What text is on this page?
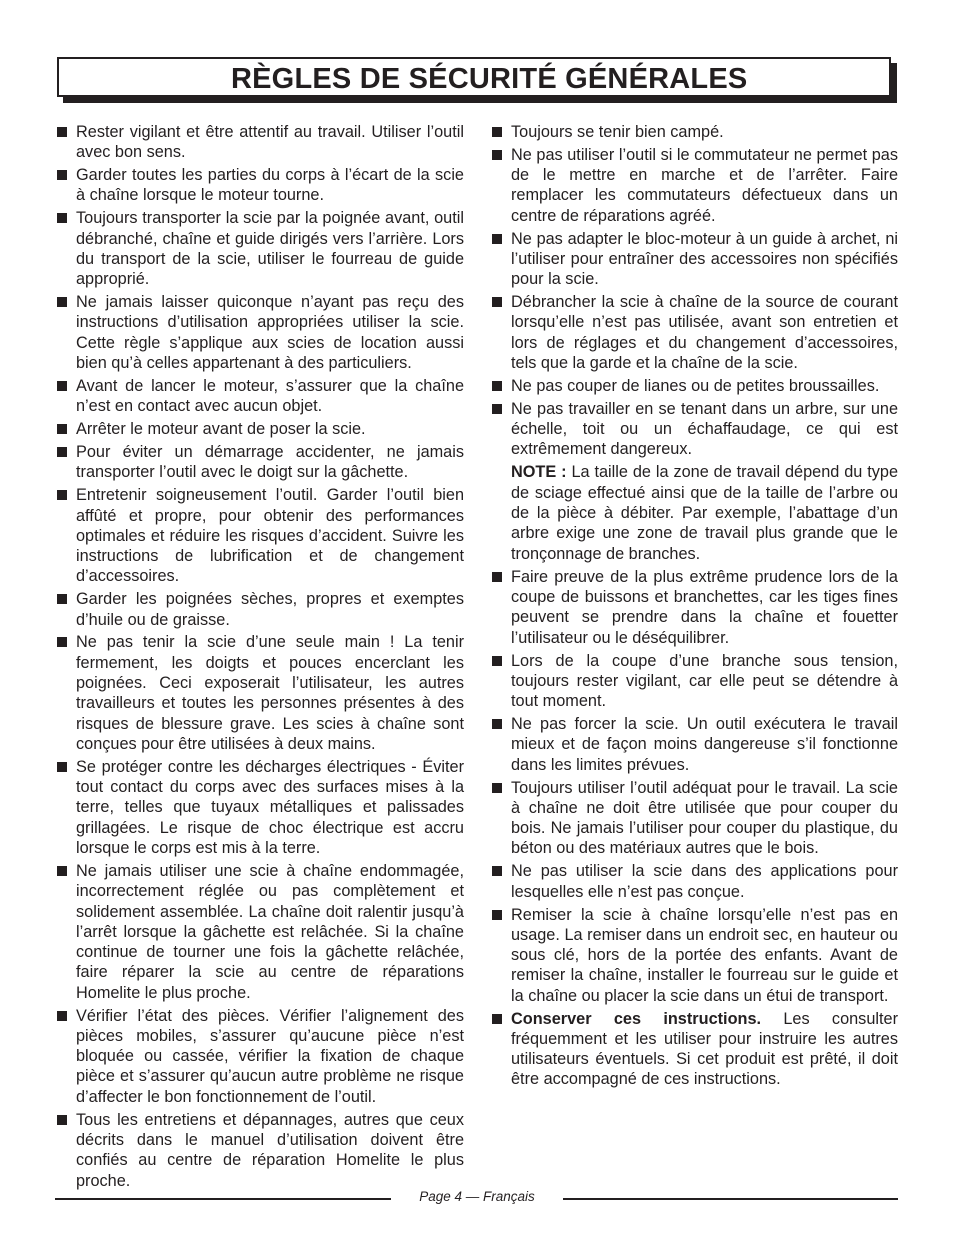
RÈGLES DE SÉCURITÉ GÉNÉRALES
Rester vigilant et être attentif au travail. Utiliser l’outil avec bon sens.
Garder toutes les parties du corps à l’écart de la scie à chaîne lorsque le moteur tourne.
Toujours transporter la scie par la poignée avant, outil débranché, chaîne et guide dirigés vers l’arrière. Lors du transport de la scie, utiliser le fourreau de guide approprié.
Ne jamais laisser quiconque n’ayant pas reçu des instructions d’utilisation appropriées utiliser la scie. Cette règle s’applique aux scies de location aussi bien qu’à celles appartenant à des particuliers.
Avant de lancer le moteur, s’assurer que la chaîne n’est en contact avec aucun objet.
Arrêter le moteur avant de poser la scie.
Pour éviter un démarrage accidenter, ne jamais transporter l’outil avec le doigt sur la gâchette.
Entretenir soigneusement l’outil. Garder l’outil bien affûté et propre, pour obtenir des performances optimales et réduire les risques d’accident. Suivre les instructions de lubrification et de changement d’accessoires.
Garder les poignées sèches, propres et exemptes d’huile ou de graisse.
Ne pas tenir la scie d’une seule main ! La tenir fermement, les doigts et pouces encerclant les poignées. Ceci exposerait l’utilisateur, les autres travailleurs et toutes les personnes présentes à des risques de blessure grave. Les scies à chaîne sont conçues pour être utilisées à deux mains.
Se protéger contre les décharges électriques - Éviter tout contact du corps avec des surfaces mises à la terre, telles que tuyaux métalliques et palissades grillagées. Le risque de choc électrique est accru lorsque le corps est mis à la terre.
Ne jamais utiliser une scie à chaîne endommagée, incorrectement réglée ou pas complètement et solidement assemblée. La chaîne doit ralentir jusqu’à l’arrêt lorsque la gâchette est relâchée. Si la chaîne continue de tourner une fois la gâchette relâchée, faire réparer la scie au centre de réparations Homelite le plus proche.
Vérifier l’état des pièces. Vérifier l’alignement des pièces mobiles, s’assurer qu’aucune pièce n’est bloquée ou cassée, vérifier la fixation de chaque pièce et s’assurer qu’aucun autre problème ne risque d’affecter le bon fonctionnement de l’outil.
Tous les entretiens et dépannages, autres que ceux décrits dans le manuel d’utilisation doivent être confiés au centre de réparation Homelite le plus proche.
Toujours se tenir bien campé.
Ne pas utiliser l’outil si le commutateur ne permet pas de le mettre en marche et de l’arrêter. Faire remplacer les commutateurs défectueux dans un centre de réparations agréé.
Ne pas adapter le bloc-moteur à un guide à archet, ni l’utiliser pour entraîner des accessoires non spécifiés pour la scie.
Débrancher la scie à chaîne de la source de courant lorsqu’elle n’est pas utilisée, avant son entretien et lors de réglages et du changement d’accessoires, tels que la garde et la chaîne de la scie.
Ne pas couper de lianes ou de petites broussailles.
Ne pas travailler en se tenant dans un arbre, sur une échelle, toit ou un échaffaudage, ce qui est extrêmement dangereux.
NOTE : La taille de la zone de travail dépend du type de sciage effectué ainsi que de la taille de l’arbre ou de la pièce à débiter. Par exemple, l’abattage d’un arbre exige une zone de travail plus grande que le tronçonnage de branches.
Faire preuve de la plus extrême prudence lors de la coupe de buissons et branchettes, car les tiges fines peuvent se prendre dans la chaîne et fouetter l’utilisateur ou le déséquilibrer.
Lors de la coupe d’une branche sous tension, toujours rester vigilant, car elle peut se détendre à tout moment.
Ne pas forcer la scie. Un outil exécutera le travail mieux et de façon moins dangereuse s’il fonctionne dans les limites prévues.
Toujours utiliser l’outil adéquat pour le travail. La scie à chaîne ne doit être utilisée que pour couper du bois. Ne jamais l’utiliser pour couper du plastique, du béton ou des matériaux autres que le bois.
Ne pas utiliser la scie dans des applications pour lesquelles elle n’est pas conçue.
Remiser la scie à chaîne lorsqu’elle n’est pas en usage. La remiser dans un endroit sec, en hauteur ou sous clé, hors de la portée des enfants. Avant de remiser la chaîne, installer le fourreau sur le guide et la chaîne ou placer la scie dans un étui de transport.
Conserver ces instructions. Les consulter fréquemment et les utiliser pour instruire les autres utilisateurs éventuels. Si cet produit est prêté, il doit être accompagné de ces instructions.
Page 4 — Français
